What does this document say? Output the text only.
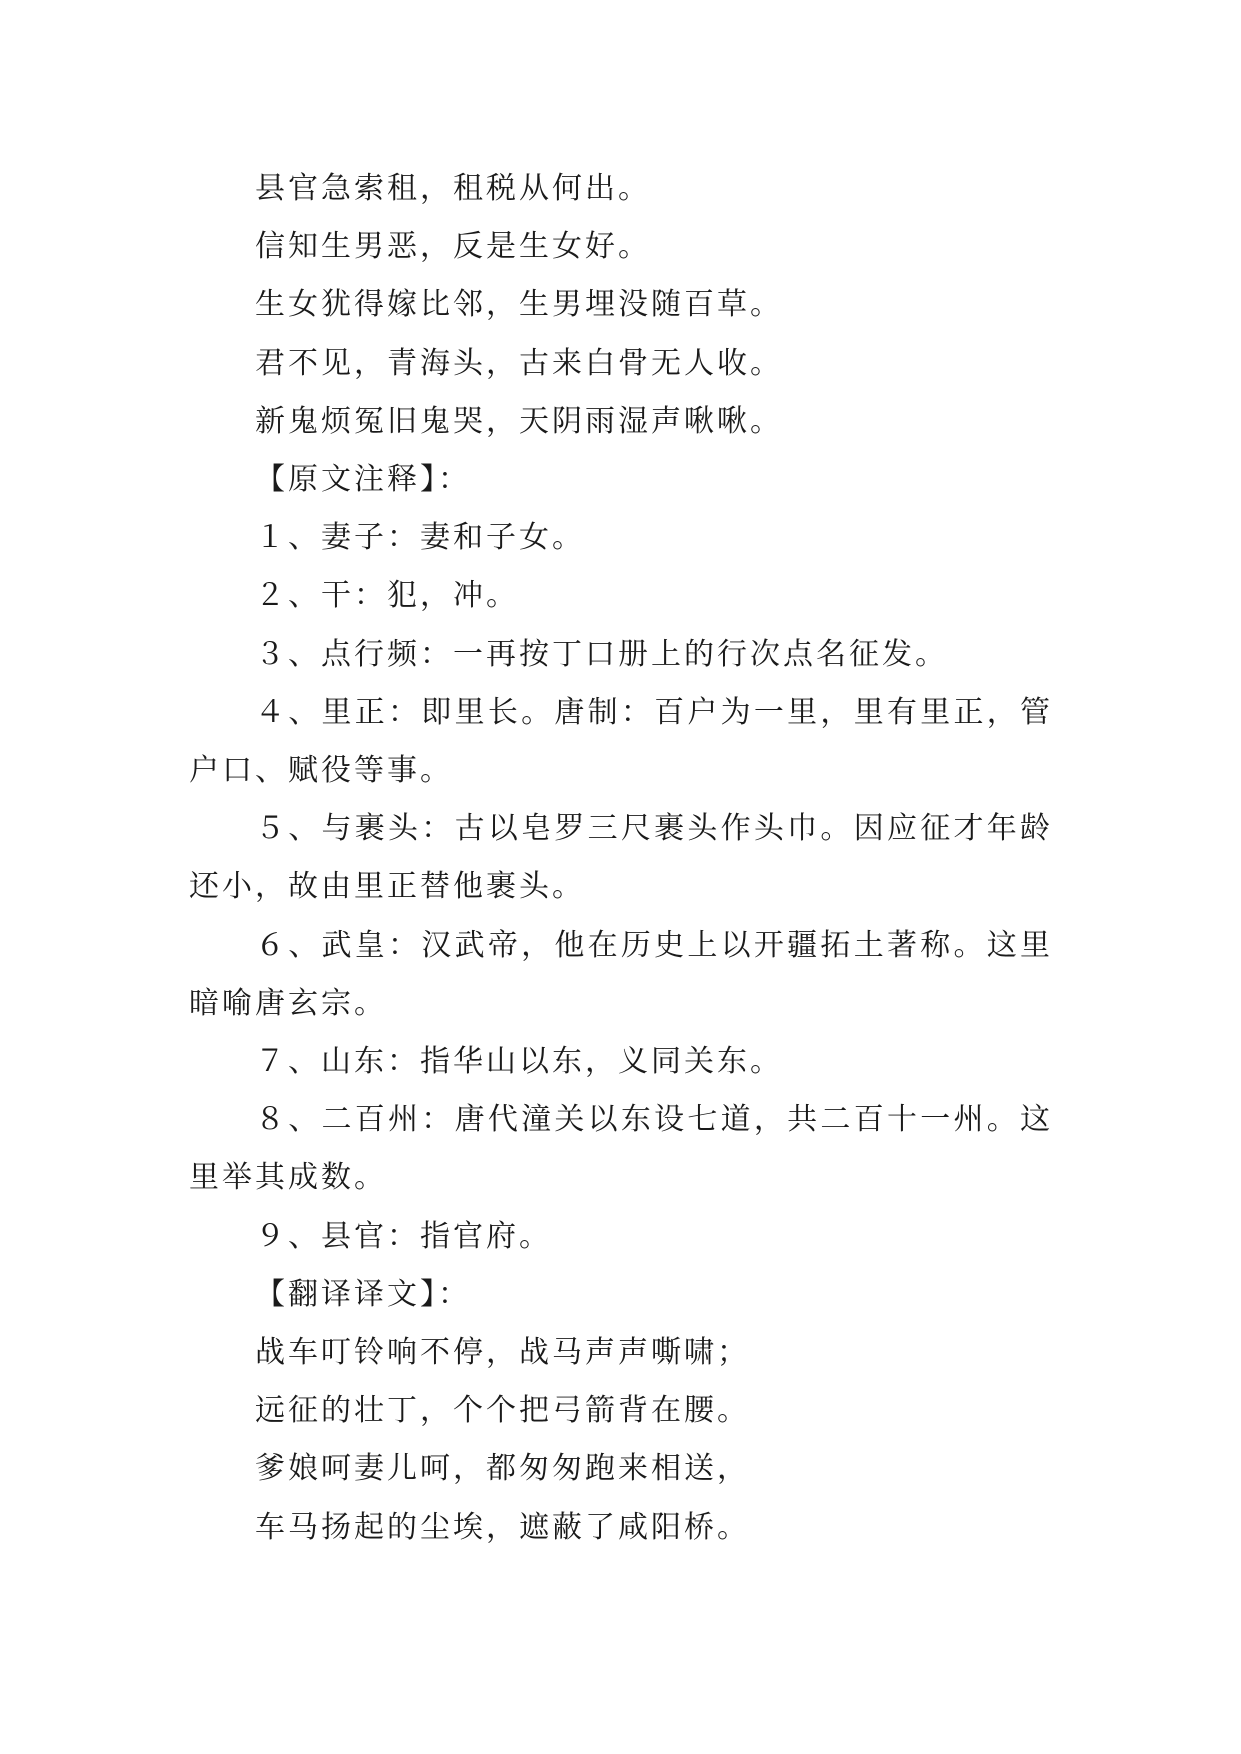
县官急索租，租税从何出。

信知生男恶，反是生女好。

生女犹得嫁比邻，生男埋没随百草。

君不见，青海头，古来白骨无人收。

新鬼烦冤旧鬼哭，天阴雨湿声啾啾。

【原文注释】：

１、妻子：妻和子女。

２、干：犯，冲。

３、点行频：一再按丁口册上的行次点名征发。

４、里正：即里长。唐制：百户为一里，里有里正，管户口、赋役等事。

５、与裹头：古以皂罗三尺裹头作头巾。因应征才年龄还小，故由里正替他裹头。

６、武皇：汉武帝，他在历史上以开疆拓土著称。这里暗喻唐玄宗。

７、山东：指华山以东，义同关东。

８、二百州：唐代潼关以东设七道，共二百十一州。这里举其成数。

９、县官：指官府。

【翻译译文】：

战车叮铃响不停，战马声声嘶啸；

远征的壮丁，个个把弓箭背在腰。

爹娘呵妻儿呵，都匆匆跑来相送，

车马扬起的尘埃，遮蔽了咸阳桥。
